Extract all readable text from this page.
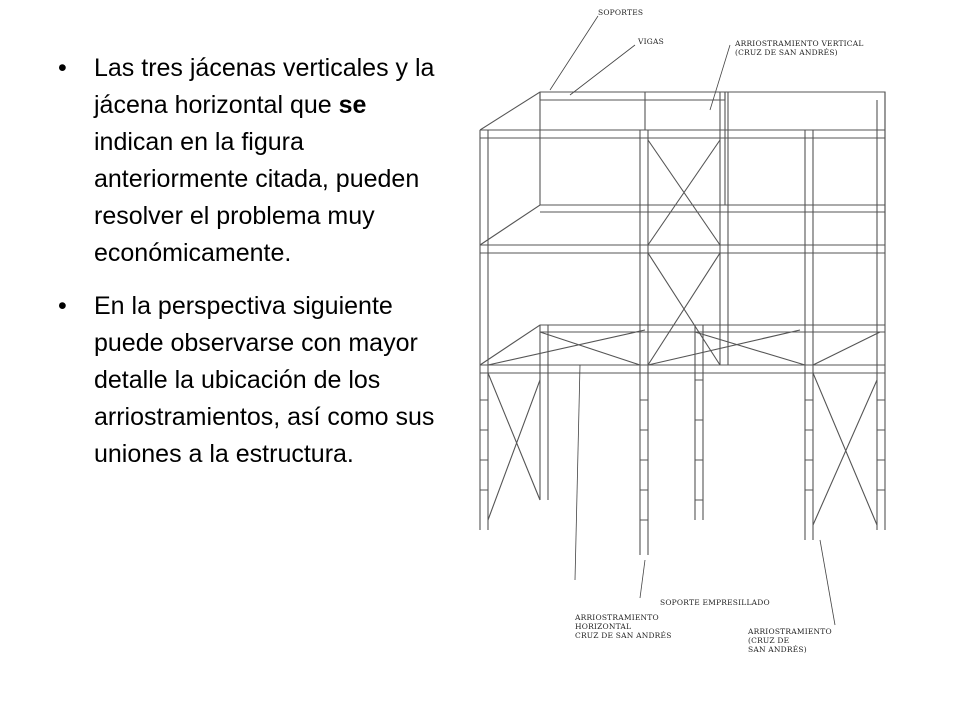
• Las tres jácenas verticales y la jácena horizontal que se indican en la figura anteriormente citada, pueden resolver el problema muy económicamente.
• En la perspectiva siguiente puede observarse con mayor detalle la ubicación de los arriostramientos, así como sus uniones a la estructura.
SOPORTES
VIGAS	ARRIOSTRAMIENTO VERTICAL
(CRUZ DE SAN ANDRÉS)
SOPORTE EMPRESILLADO
ARRIOSTRAMIENTO
HORIZONTAL
CRUZ DE SAN ANDRÉS	ARRIOSTRAMIENTO
(CRUZ DE
SAN ANDRÉS)
